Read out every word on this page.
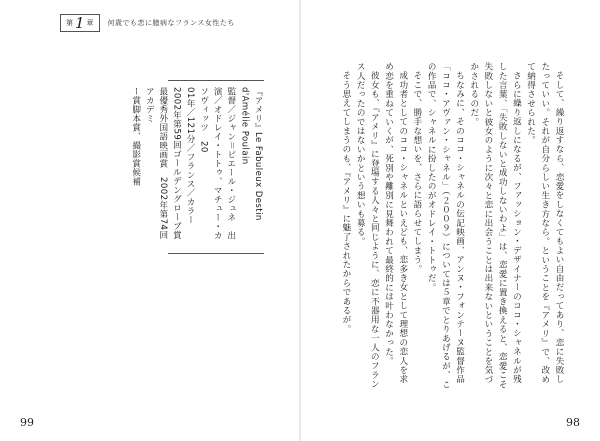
『アメリ』Le Fabuleux Destin d'Amélie Poulain
監督／ジャン＝ピエール・ジュネ　出演／オドレイ・トトゥ、マチュー・カソヴィッツ　20
01年／121分／フランス／カラー
2002年第59回ゴールデングローブ賞最優秀外国語映画賞　2002年第74回アカデミ
ー賞脚本賞、撮影賞候補
99

そして、繰り返すなら、恋愛をしなくてもよい自由だってあり、恋に失敗したっていい。それが自分らしい生き方なら。ということを『アメリ』で、改めて納得させられた。

さらに繰り返しになるが、ファッション・デザイナーのココ・シャネルが残した言葉、「失敗しないと成功しないわよ」は、恋愛に置き換えると、恋愛こそ失敗しないと彼女のように次々と恋に出会うことは出来ないということを気づかされるのだ。

ちなみに、そのココ・シャネルの伝記映画、アンヌ・フォンテーヌ監督作品「ココ・アヴァン・シャネル」（２００９）については５章でとりあげるが、この作品で、シャネルに扮したのがオドレイ・トトゥだ。

そこで、勝手な想いを、さらに語らせてしまう。

成功者としてのココ・シャネルといえども、恋多き女として理想の恋人を求め恋を重ねていくが、死別や離別に見舞われて最終的には叶わなかった。

彼女も、『アメリ』に登場する人々と同じように、恋に不器用な一人のフランス人だったのではないかという想いも募る。

そう思えてしまうのも、『アメリ』に魅了されたからであるが。

98
第 1 章 何歳でも恋に臆病なフランス女性たち
